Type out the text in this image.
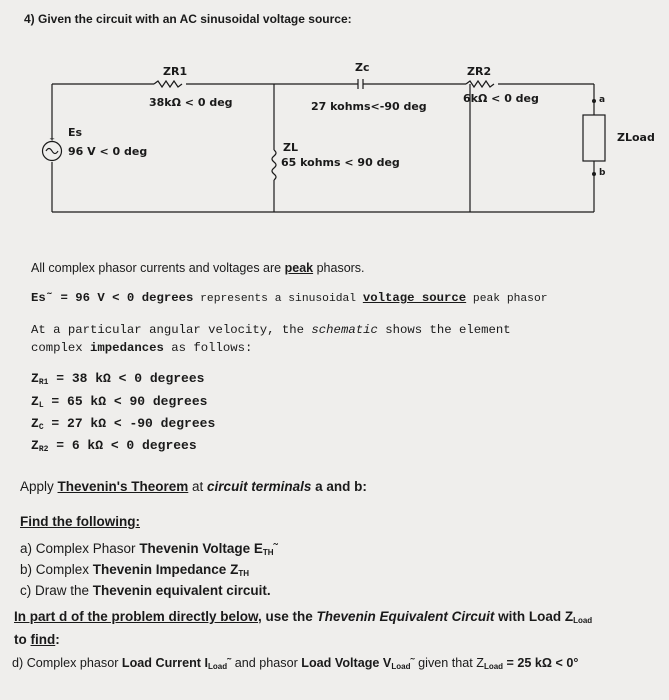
4) Given the circuit with an AC sinusoidal voltage source:
+
ZR1
38kΩ < 0 deg
Zc
27 kohms<-90 deg
ZR2
6kΩ < 0 deg
Es
96 V < 0 deg	ZL
65 kohms < 90 deg
a
b
ZLoad
All complex phasor currents and voltages are peak phasors.
Es˜ = 96 V < 0 degrees represents a sinusoidal voltage source peak phasor
At a particular angular velocity, the schematic shows the element
complex impedances as follows:
$Z_{R1} = 38$ kΩ < 0 degrees
$Z_L = 65$ kΩ < 90 degrees
$Z_C = 27$ kΩ < -90 degrees
$Z_{R2} = 6$ kΩ < 0 degrees
Apply Thevenin's Theorem at circuit terminals a and b:
Find the following:
a) Complex Phasor Thevenin Voltage $E_{TH}˜$
b) Complex Thevenin Impedance $Z_{TH}$
c) Draw the Thevenin equivalent circuit.
In part d of the problem directly below, use the Thevenin Equivalent Circuit with Load $Z_{Load}$
to find:
d) Complex phasor Load Current $I_{Load}˜$ and phasor Load Voltage $V_{Load}˜$ given that $Z_{Load} = 25$ kΩ < 0°
